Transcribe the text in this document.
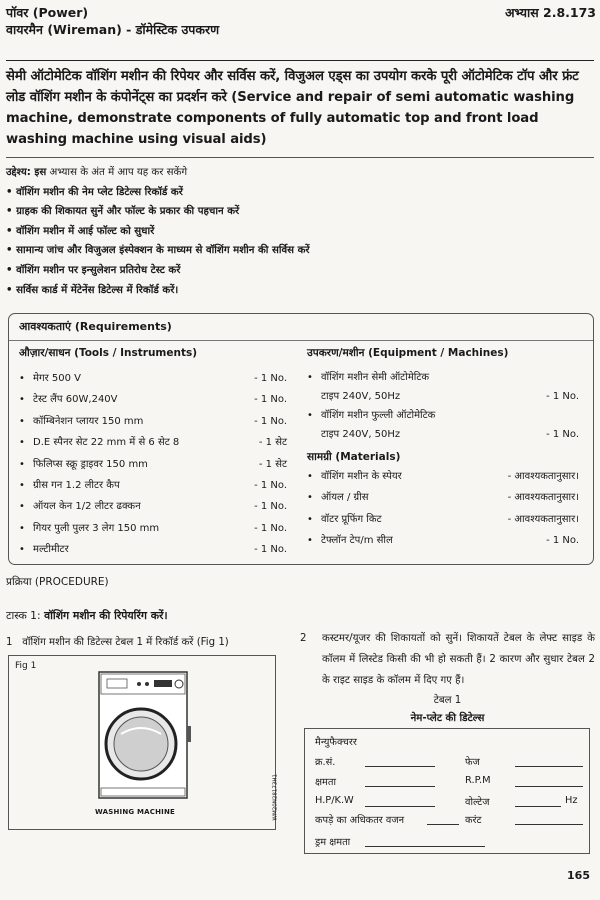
पॉवर (Power)	अभ्यास 2.8.173
वायरमैन (Wireman) - डॉमेस्टिक उपकरण
सेमी ऑटोमेटिक वॉशिंग मशीन की रिपेयर और सर्विस करें, विजुअल एड्स का उपयोग करके पूरी ऑटोमेटिक टॉप और फ्रंट लोड वॉशिंग मशीन के कंपोनेंट्स का प्रदर्शन करे (Service and repair of semi automatic washing machine, demonstrate components of fully automatic top and front load washing machine using visual aids)
उद्देश्य: इस अभ्यास के अंत में आप यह कर सकेंगे
• वॉशिंग मशीन की नेम प्लेट डिटेल्स रिकॉर्ड करें
• ग्राहक की शिकायत सुनें और फॉल्ट के प्रकार की पहचान करें
• वॉशिंग मशीन में आई फॉल्ट को सुधारें
• सामान्य जांच और विजुअल इंस्पेक्शन के माध्यम से वॉशिंग मशीन की सर्विस करें
• वॉशिंग मशीन पर इन्सुलेशन प्रतिरोध टेस्ट करें
• सर्विस कार्ड में मेंटेनेंस डिटेल्स में रिकॉर्ड करें।
आवश्यकताएं (Requirements)
औज़ार/साधन (Tools / Instruments)
• मेगर 500 V	- 1 No.
• टेस्ट लैंप 60W,240V	- 1 No.
• कॉम्बिनेशन प्लायर 150 mm	- 1 No.
• D.E स्पैनर सेट 22 mm में से 6 सेट 8	- 1 सेट
• फिलिप्स स्क्रू ड्राइवर 150 mm	- 1 सेट
• ग्रीस गन 1.2 लीटर कैप	- 1 No.
• ऑयल केन 1/2 लीटर ढक्कन	- 1 No.
• गियर पुली पुलर 3 लेग 150 mm	- 1 No.
• मल्टीमीटर	- 1 No.
उपकरण/मशीन (Equipment / Machines)
• वॉशिंग मशीन सेमी ऑटोमेटिक
टाइप 240V, 50Hz	- 1 No.
• वॉशिंग मशीन फुल्ली ऑटोमेटिक
टाइप 240V, 50Hz	- 1 No.
सामग्री (Materials)
• वॉशिंग मशीन के स्पेयर	- आवश्यकतानुसार।
• ऑयल / ग्रीस	- आवश्यकतानुसार।
• वॉटर प्रूफिंग किट	- आवश्यकतानुसार।
• टेफ्लॉन टेप/m सील	- 1 No.
प्रक्रिया (PROCEDURE)
टास्क 1: वॉशिंग मशीन की रिपेयरिंग करें।
1 वॉशिंग मशीन की डिटेल्स टेबल 1 में रिकॉर्ड करें (Fig 1)
Fig 1
WASHING MACHINE	WM20N28173H1
2	कस्टमर/यूजर की शिकायतों को सुनें। शिकायतें टेबल के लेफ्ट साइड के कॉलम में लिस्टेड किसी की भी हो सकती हैं। 2 कारण और सुधार टेबल 2 के राइट साइड के कॉलम में दिए गए हैं।
टेबल 1
नेम-प्लेट की डिटेल्स
मैन्युफैक्चरर
क्र.सं.	फेज
क्षमता	R.P.M
H.P/K.W	वोल्टेज	Hz
कपड़े का अधिकतर वजन	करंट
ड्रम क्षमता
165
